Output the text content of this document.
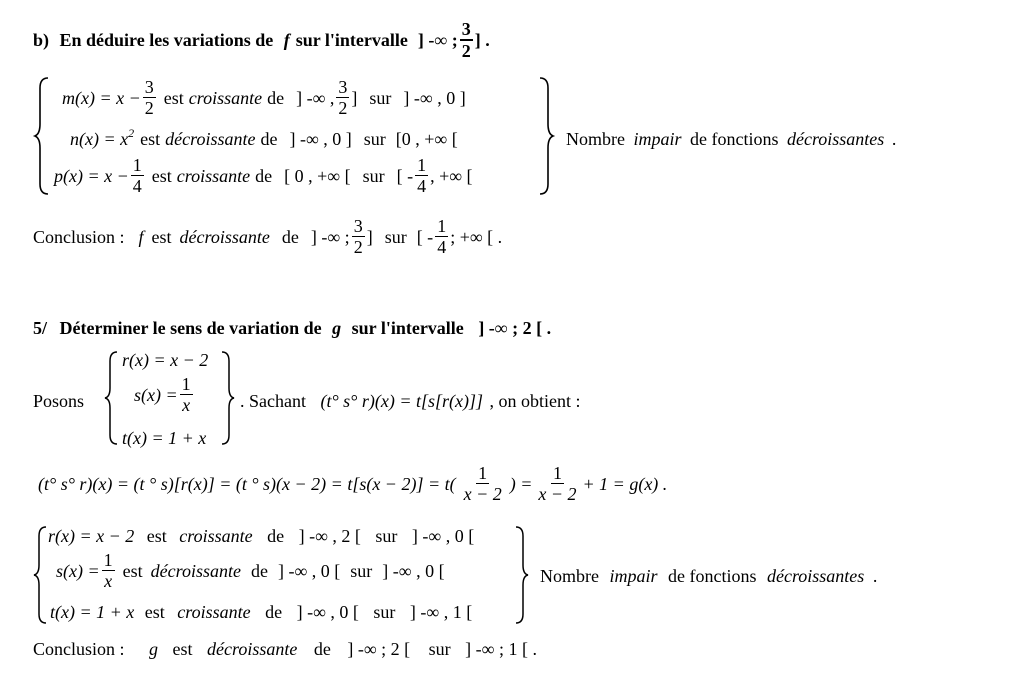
b)
En déduire les variations de
f sur l'intervalle ] -∞ ; $\frac{3}{2}$ ] .
$m(x) = x - \frac{3}{2}$ est croissante de ] -∞ , $\frac{3}{2}$ ] sur ] -∞ , 0 ]
$n(x) = x^2$ est décroissante de ] -∞ , 0 ] sur [0 , +∞ [
$p(x) = x - \frac{1}{4}$ est croissante de [ 0 , +∞ [ sur [ - $\frac{1}{4}$ , +∞ [
Nombre impair de fonctions décroissantes .
Conclusion : f est décroissante de ] -∞ ; $\frac{3}{2}$ ] sur [ - $\frac{1}{4}$ ; +∞ [ .
5/ Déterminer le sens de variation de g sur l'intervalle ] -∞ ; 2 [ .
Posons
r(x) = x − 2
$s(x) = \frac{1}{x}$
t(x) = 1 + x
. Sachant (t° s° r)(x) = t[s[r(x)]] , on obtient :
(t° s° r)(x) = (t ° s)[r(x)] = (t ° $s)(x - 2) = t[s(x - 2)] = t( \frac{1}{x - 2}$ ) = $\frac{1}{x - 2} + 1 = g(x)$ .
r(x) = x − 2 est croissante de ] -∞ , 2 [ sur ] -∞ , 0 [
$s(x) = \frac{1}{x}$ est décroissante de ] -∞ , 0 [ sur ] -∞ , 0 [
t(x) = 1 + x est croissante de ] -∞ , 0 [ sur ] -∞ , 1 [
Nombre impair de fonctions décroissantes .
Conclusion : g est décroissante de ] -∞ ; 2 [ sur ] -∞ ; 1 [ .
